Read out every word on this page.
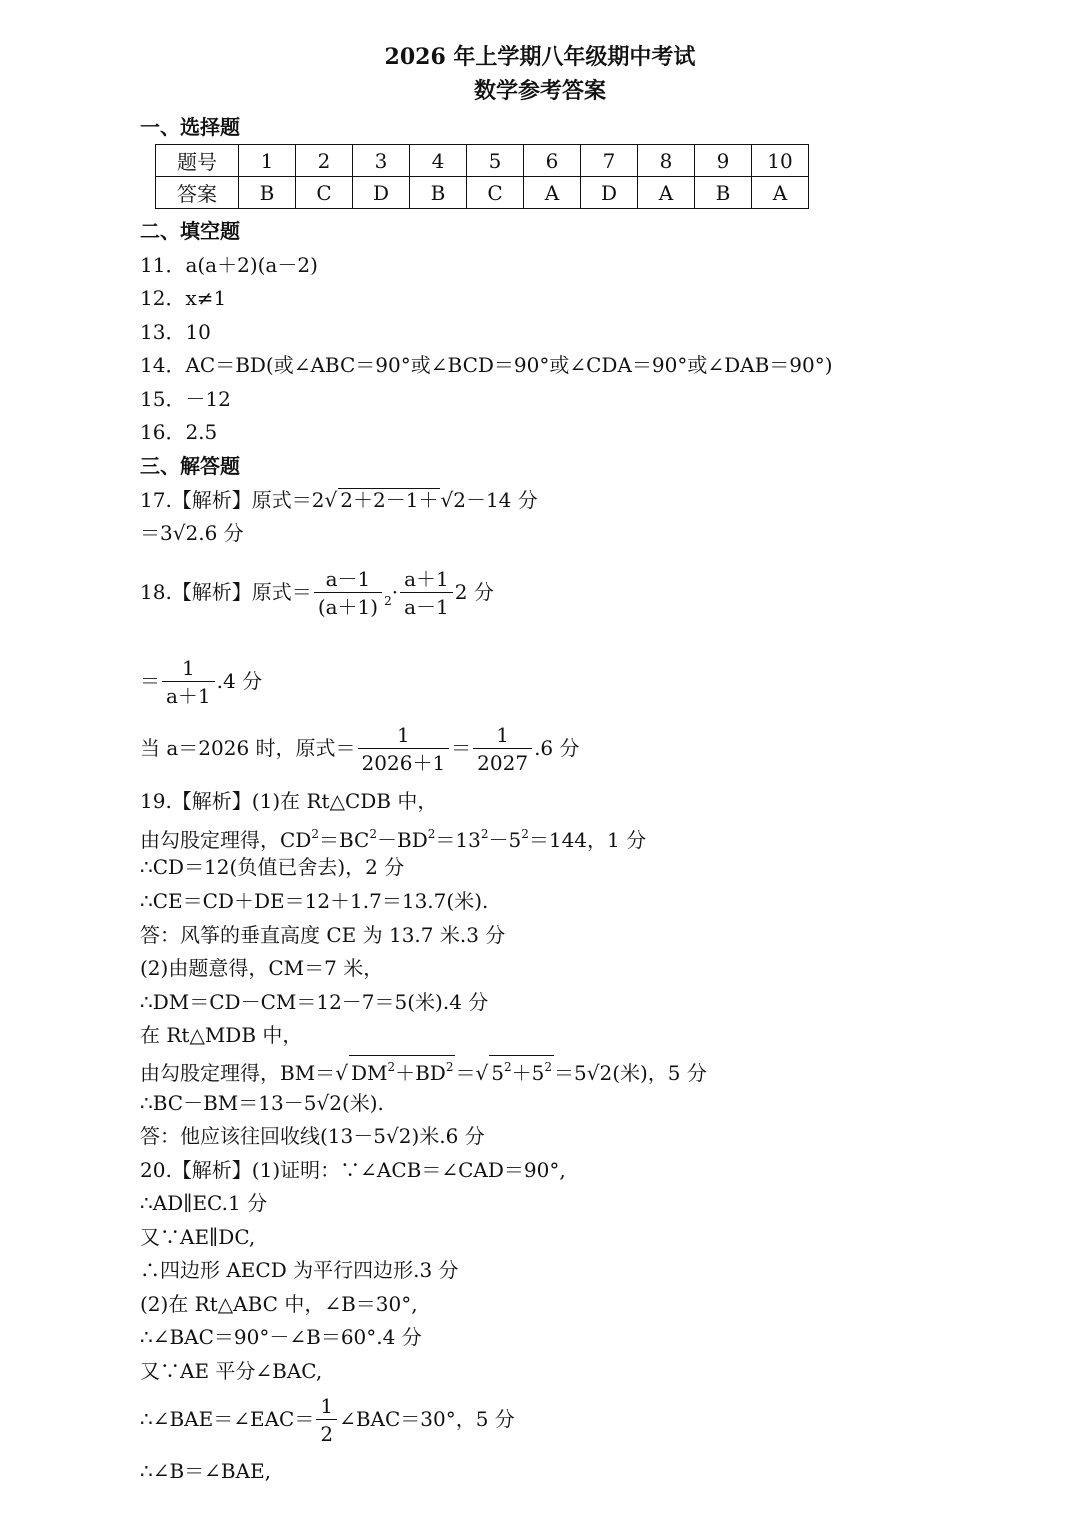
2026 年上学期八年级期中考试
数学参考答案
一、选择题
题号	1	2	3	4	5	6	7	8	9	10
答案	B	C	D	B	C	A	D	A	B	A
二、填空题
11．a(a＋2)(a－2)
12．x≠1
13．10
14．AC＝BD(或∠ABC＝90°或∠BCD＝90°或∠CDA＝90°或∠DAB＝90°)
15．－12
16．2.5
三、解答题
17.【解析】原式＝2√ 2＋2－1＋ √2－14 分
＝3√2.6 分
18.【解析】原式＝ $\frac{a-1}{(a+1)} _2\cdot \frac{a+1}{a-1} 2$ 分
＝ $\frac{1}{a+1} .4$ 分
当 a＝2026 时，原式＝ $\frac{1}{2026+1} = \frac{1}{2027} .6$ 分
19.【解析】(1)在 Rt△CDB 中，
由勾股定理得，$CD^2=BC^2-BD^2=13^2-5^2=144$，1 分
∴CD＝12(负值已舍去)，2 分
∴CE＝CD＋DE＝12＋1.7＝13.7(米).
答：风筝的垂直高度 CE 为 13.7 米.3 分
(2)由题意得，CM＝7 米，
∴DM＝CD－CM＝12－7＝5(米).4 分
在 Rt△MDB 中，
由勾股定理得，BM＝√ $DM^2+BD^2$ ＝√ $5^2+5^2 =5√2$(米)，5 分
∴BC－BM＝13－5√2(米).
答：他应该往回收线(13－5√2)米.6 分
20.【解析】(1)证明：∵∠ACB＝∠CAD＝90°,
∴AD∥EC.1 分
又∵AE∥DC,
∴四边形 AECD 为平行四边形.3 分
(2)在 Rt△ABC 中，∠B＝30°,
∴∠BAC＝90°－∠B＝60°.4 分
又∵AE 平分∠BAC,
∴∠BAE＝∠EAC＝ $\frac{1}{2}$ ∠BAC＝30°，5 分
∴∠B＝∠BAE,
